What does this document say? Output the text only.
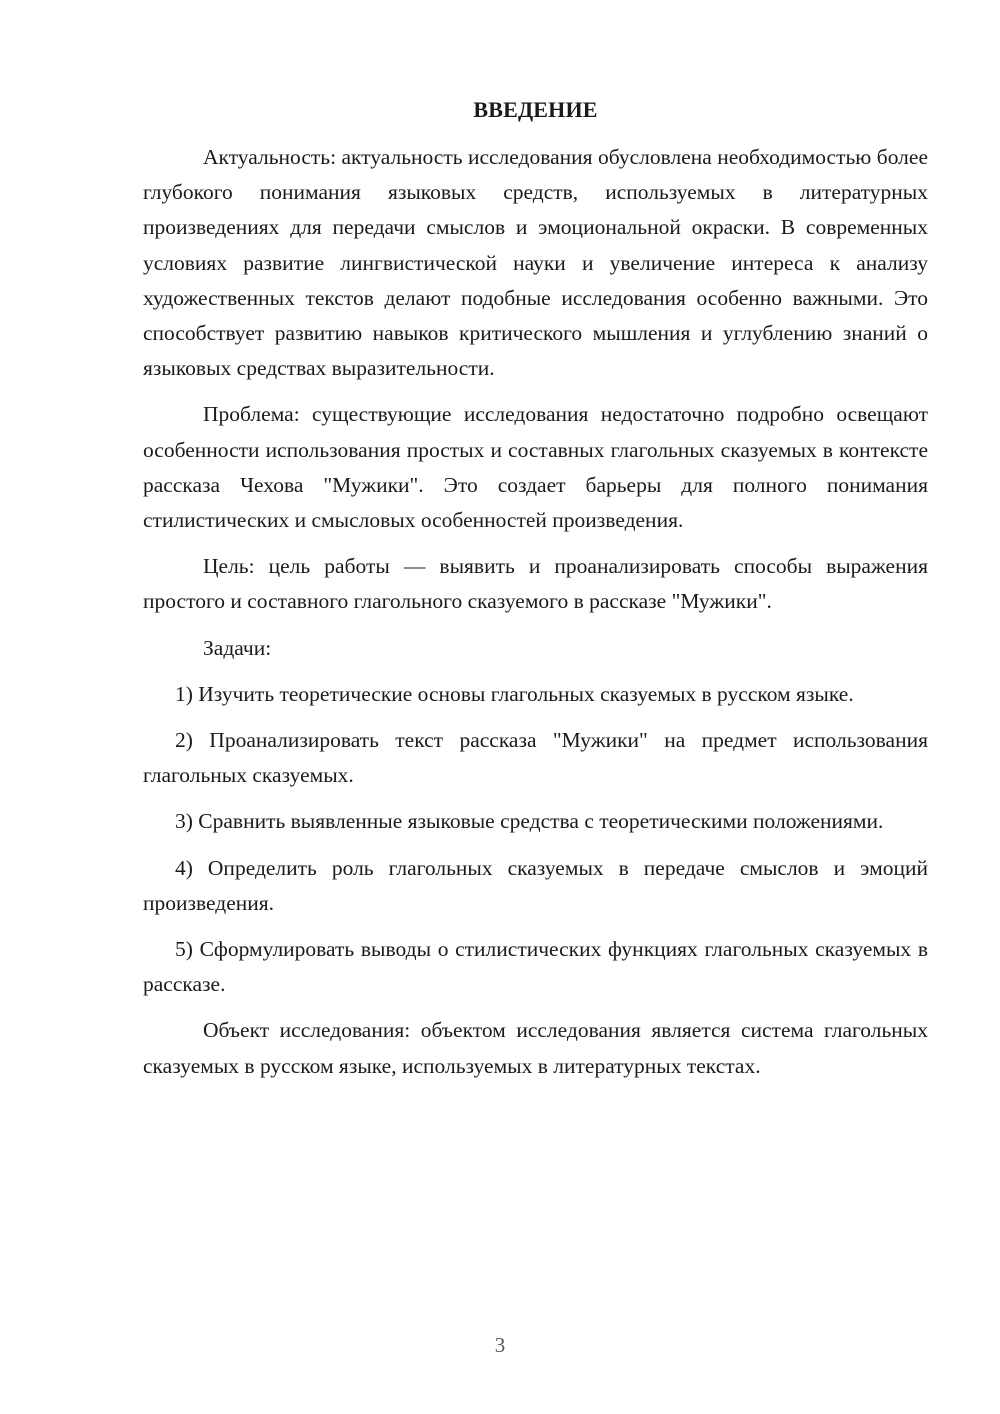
ВВЕДЕНИЕ

Актуальность: актуальность исследования обусловлена необходимостью более глубокого понимания языковых средств, используемых в литературных произведениях для передачи смыслов и эмоциональной окраски. В современных условиях развитие лингвистической науки и увеличение интереса к анализу художественных текстов делают подобные исследования особенно важными. Это способствует развитию навыков критического мышления и углублению знаний о языковых средствах выразительности.

Проблема: существующие исследования недостаточно подробно освещают особенности использования простых и составных глагольных сказуемых в контексте рассказа Чехова "Мужики". Это создает барьеры для полного понимания стилистических и смысловых особенностей произведения.

Цель: цель работы — выявить и проанализировать способы выражения простого и составного глагольного сказуемого в рассказе "Мужики".

Задачи:

1) Изучить теоретические основы глагольных сказуемых в русском языке.

2) Проанализировать текст рассказа "Мужики" на предмет использования глагольных сказуемых.

3) Сравнить выявленные языковые средства с теоретическими положениями.

4) Определить роль глагольных сказуемых в передаче смыслов и эмоций произведения.

5) Сформулировать выводы о стилистических функциях глагольных сказуемых в рассказе.

Объект исследования: объектом исследования является система глагольных сказуемых в русском языке, используемых в литературных текстах.

3
